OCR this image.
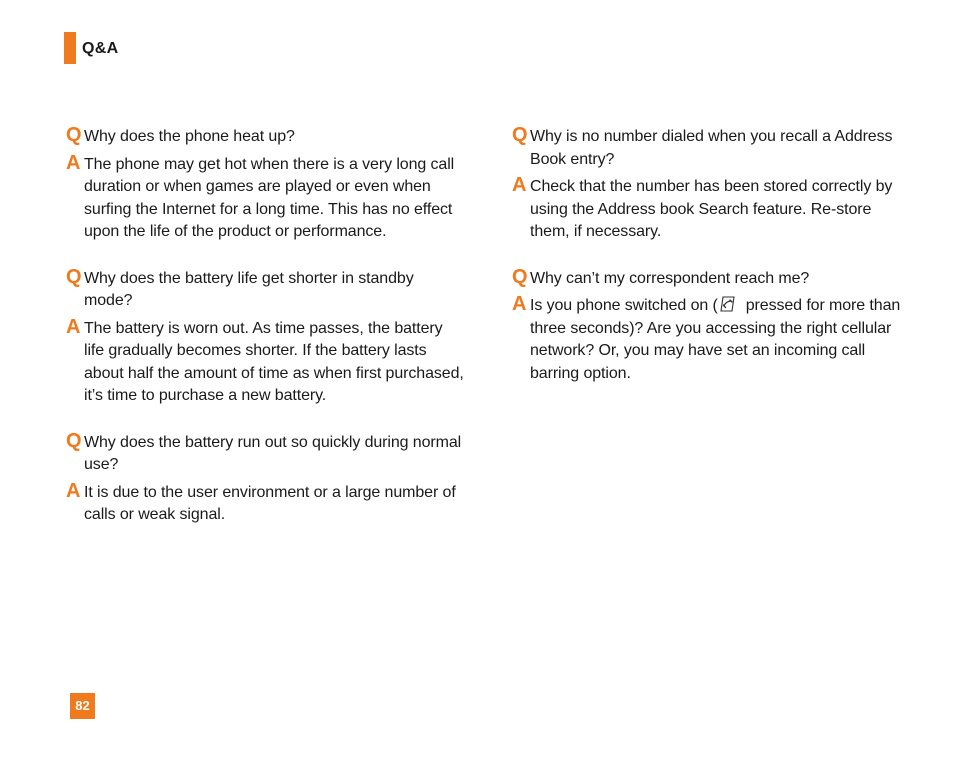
Q&A
Q Why does the phone heat up?
A The phone may get hot when there is a very long call duration or when games are played or even when surfing the Internet for a long time. This has no effect upon the life of the product or performance.
Q Why does the battery life get shorter in standby mode?
A The battery is worn out. As time passes, the battery life gradually becomes shorter. If the battery lasts about half the amount of time as when first purchased, it’s time to purchase a new battery.
Q Why does the battery run out so quickly during normal use?
A It is due to the user environment or a large number of calls or weak signal.
Q Why is no number dialed when you recall a Address Book entry?
A Check that the number has been stored correctly by using the Address book Search feature. Re-store them, if necessary.
Q Why can’t my correspondent reach me?
A Is you phone switched on ( pressed for more than three seconds)? Are you accessing the right cellular network? Or, you may have set an incoming call barring option.
82
